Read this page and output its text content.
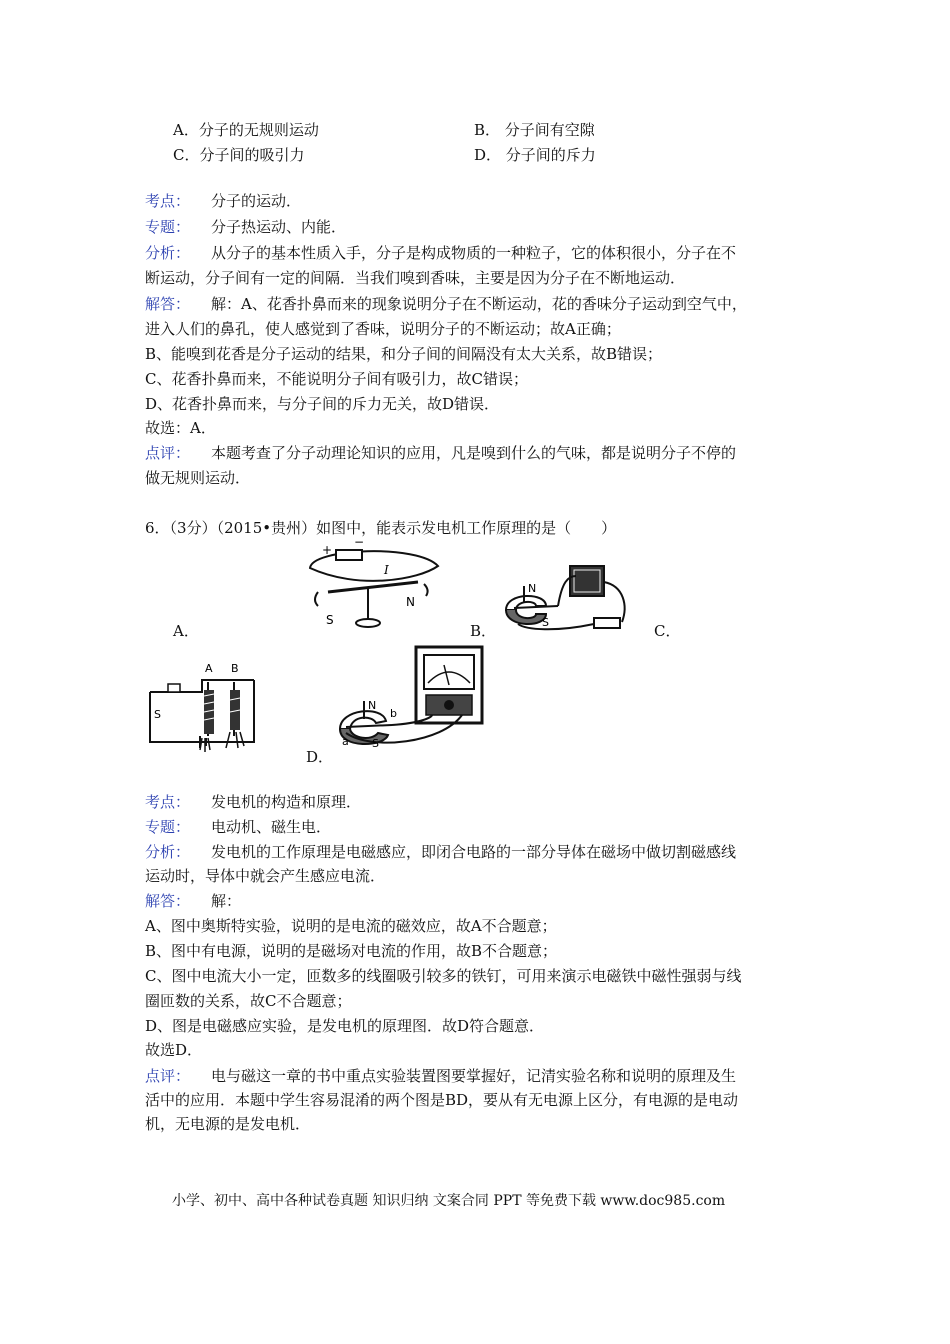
A．分子的无规则运动	B． 分子间有空隙
C．分子间的吸引力	D． 分子间的斥力
考点： 分子的运动．
专题： 分子热运动、内能．
分析： 从分子的基本性质入手，分子是构成物质的一种粒子，它的体积很小，分子在不
断运动，分子间有一定的间隔．当我们嗅到香味，主要是因为分子在不断地运动．
解答： 解：A、花香扑鼻而来的现象说明分子在不断运动，花的香味分子运动到空气中，
进入人们的鼻孔，使人感觉到了香味，说明分子的不断运动；故A正确；
B、能嗅到花香是分子运动的结果，和分子间的间隔没有太大关系，故B错误；
C、花香扑鼻而来，不能说明分子间有吸引力，故C错误；
D、花香扑鼻而来，与分子间的斥力无关，故D错误．
故选：A．
点评： 本题考查了分子动理论知识的应用，凡是嗅到什么的气味，都是说明分子不停的
做无规则运动．
6．（3分）（2015•贵州）如图中，能表示发电机工作原理的是（　　）
+
−
I
S
N
A．
N
S
B．	C．
S
A B
N
S
a
b
D．
考点： 发电机的构造和原理．
专题： 电动机、磁生电．
分析： 发电机的工作原理是电磁感应，即闭合电路的一部分导体在磁场中做切割磁感线
运动时，导体中就会产生感应电流．
解答： 解：
A、图中奥斯特实验，说明的是电流的磁效应，故A不合题意；
B、图中有电源，说明的是磁场对电流的作用，故B不合题意；
C、图中电流大小一定，匝数多的线圈吸引较多的铁钉，可用来演示电磁铁中磁性强弱与线
圈匝数的关系，故C不合题意；
D、图是电磁感应实验，是发电机的原理图．故D符合题意．
故选D．
点评： 电与磁这一章的书中重点实验装置图要掌握好，记清实验名称和说明的原理及生
活中的应用．本题中学生容易混淆的两个图是BD，要从有无电源上区分，有电源的是电动
机，无电源的是发电机．
小学、初中、高中各种试卷真题 知识归纳 文案合同 PPT 等免费下载 www.doc985.com
